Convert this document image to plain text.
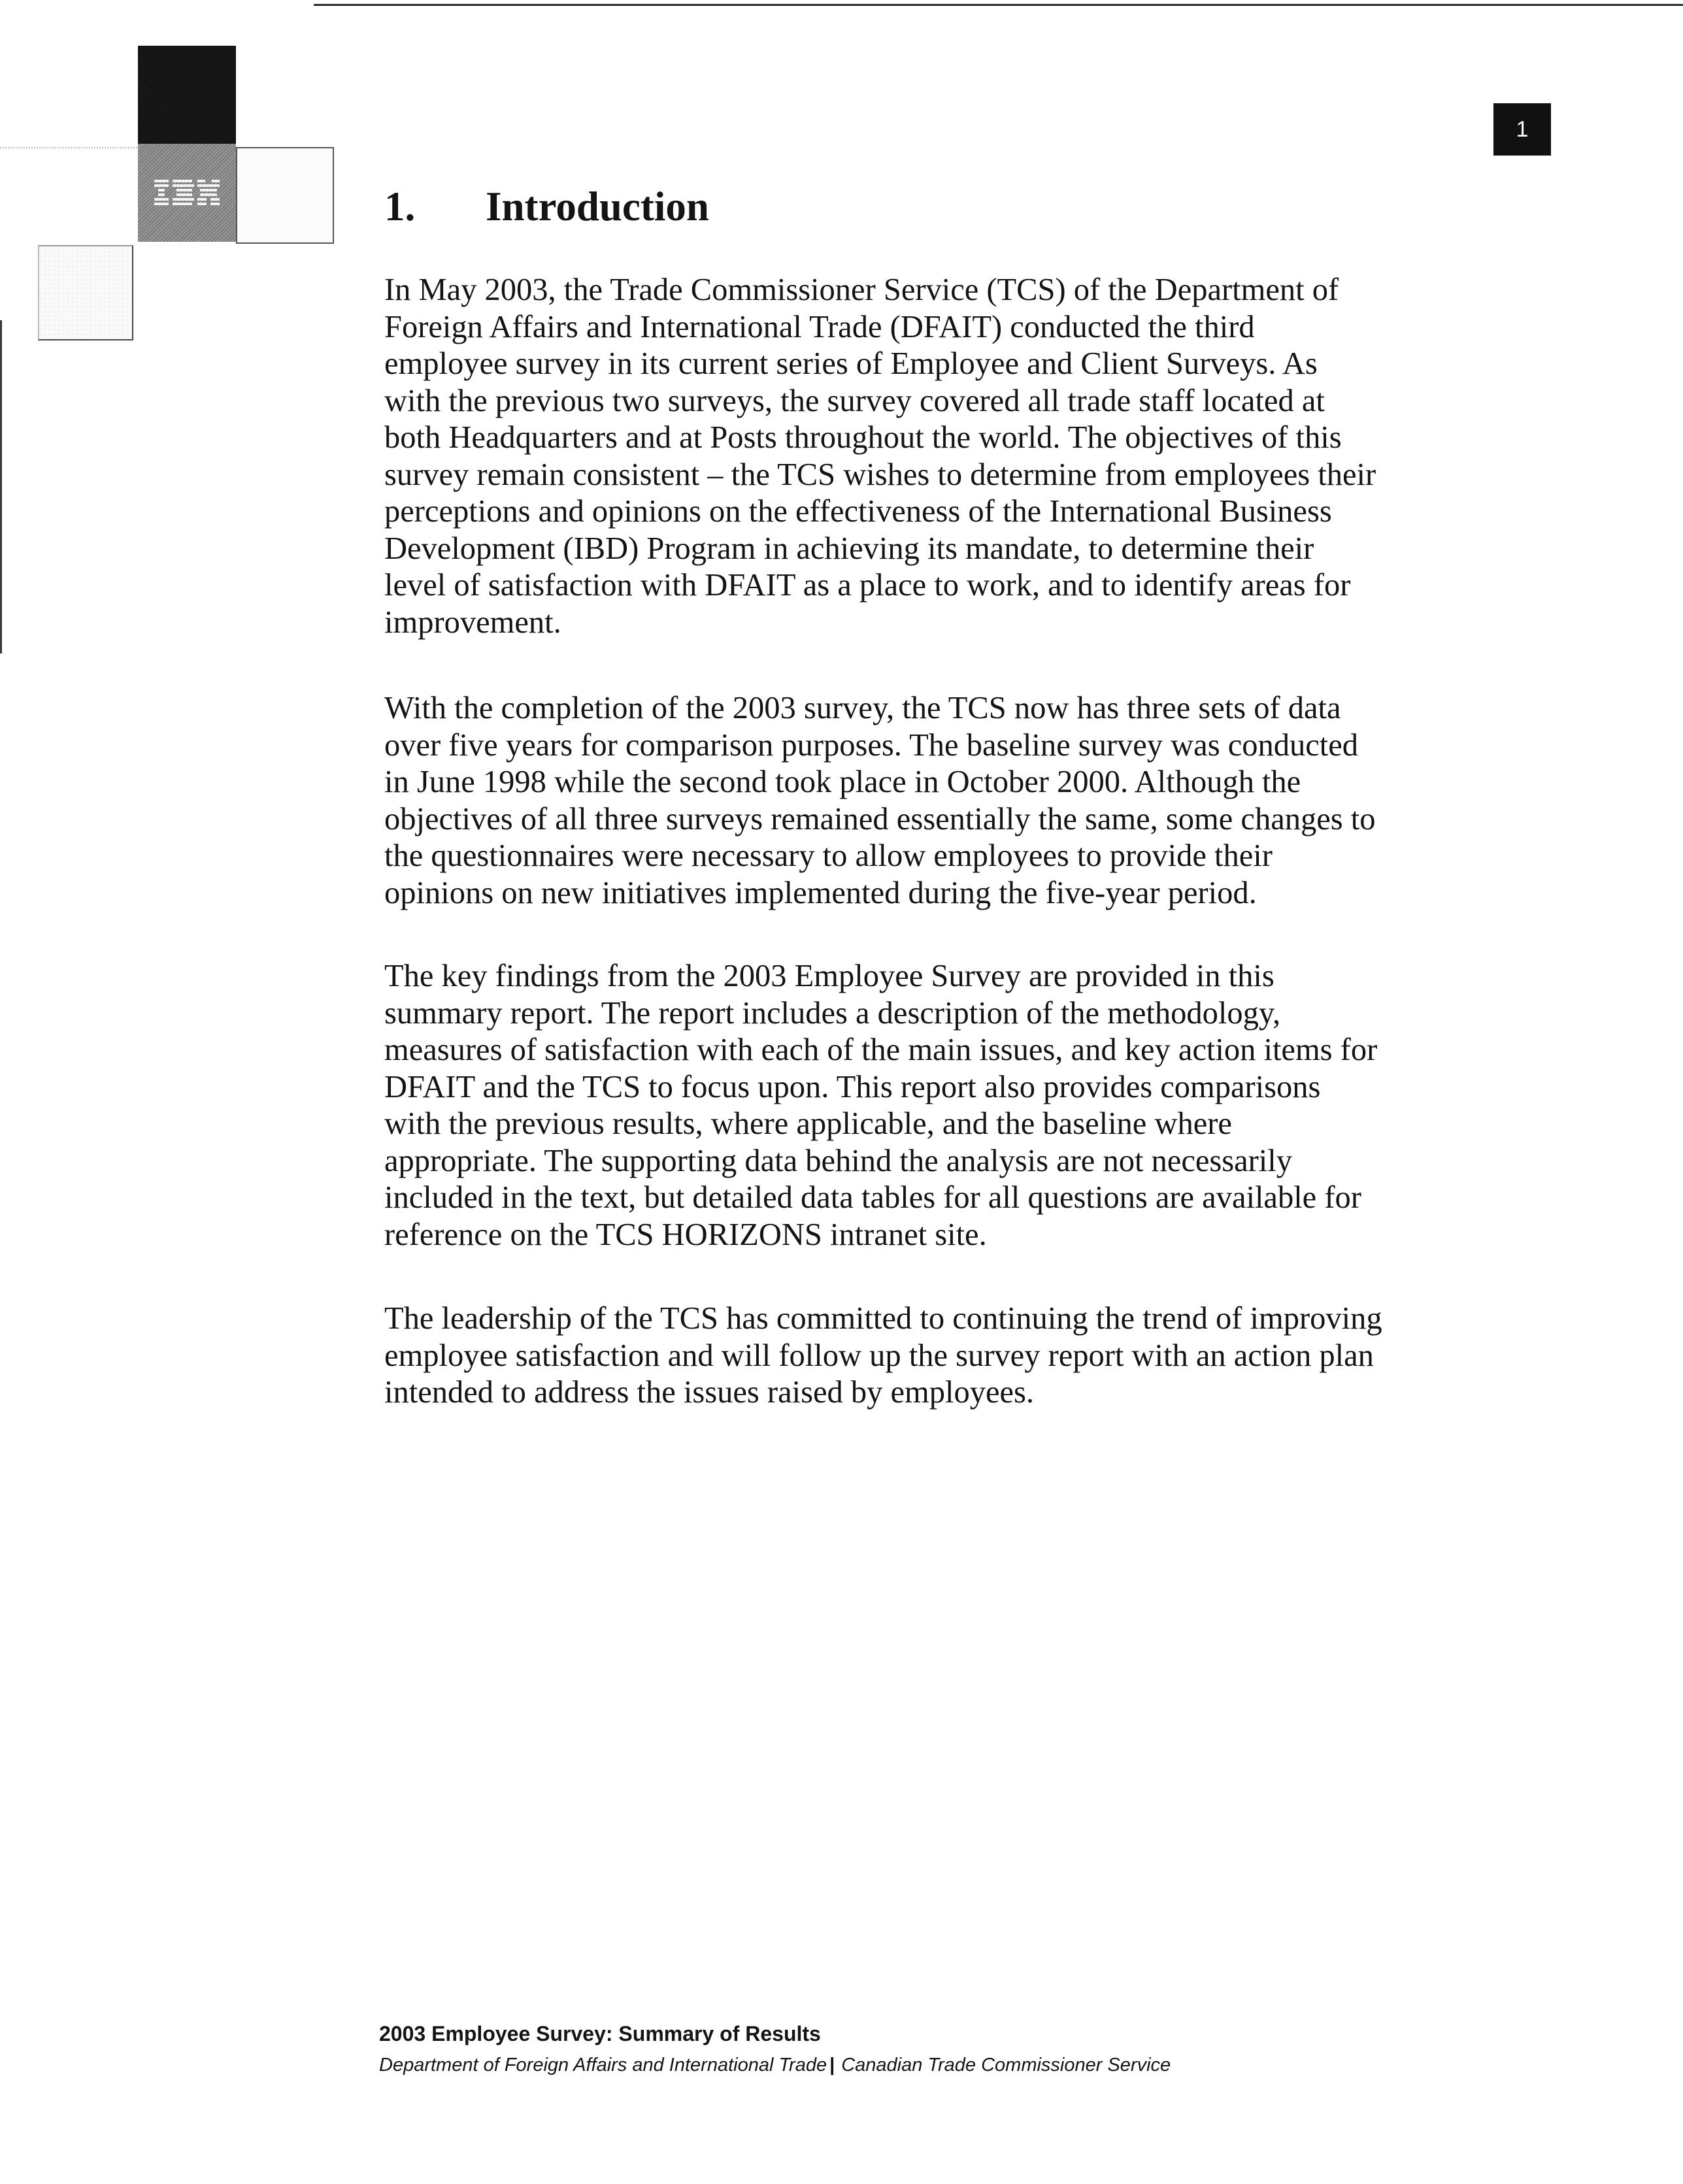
1
1. Introduction

In May 2003, the Trade Commissioner Service (TCS) of the Department of
Foreign Affairs and International Trade (DFAIT) conducted the third
employee survey in its current series of Employee and Client Surveys. As
with the previous two surveys, the survey covered all trade staff located at
both Headquarters and at Posts throughout the world. The objectives of this
survey remain consistent – the TCS wishes to determine from employees their
perceptions and opinions on the effectiveness of the International Business
Development (IBD) Program in achieving its mandate, to determine their
level of satisfaction with DFAIT as a place to work, and to identify areas for
improvement.

With the completion of the 2003 survey, the TCS now has three sets of data
over five years for comparison purposes. The baseline survey was conducted
in June 1998 while the second took place in October 2000. Although the
objectives of all three surveys remained essentially the same, some changes to
the questionnaires were necessary to allow employees to provide their
opinions on new initiatives implemented during the five-year period.

The key findings from the 2003 Employee Survey are provided in this
summary report. The report includes a description of the methodology,
measures of satisfaction with each of the main issues, and key action items for
DFAIT and the TCS to focus upon. This report also provides comparisons
with the previous results, where applicable, and the baseline where
appropriate. The supporting data behind the analysis are not necessarily
included in the text, but detailed data tables for all questions are available for
reference on the TCS HORIZONS intranet site.

The leadership of the TCS has committed to continuing the trend of improving
employee satisfaction and will follow up the survey report with an action plan
intended to address the issues raised by employees.

2003 Employee Survey: Summary of Results
Department of Foreign Affairs and International Trade | Canadian Trade Commissioner Service
